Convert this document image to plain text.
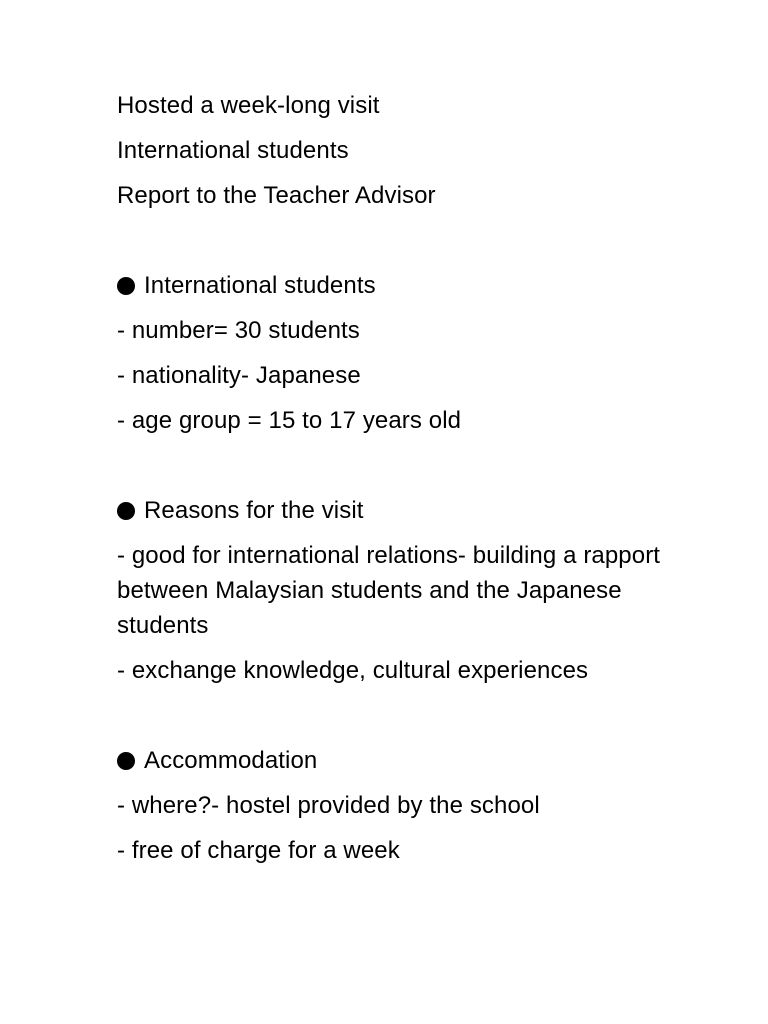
Hosted a week-long visit
International students
Report to the Teacher Advisor
International students
- number= 30 students
- nationality- Japanese
- age group = 15 to 17 years old
Reasons for the visit
- good for international relations- building a rapport between Malaysian students and the Japanese students
- exchange knowledge, cultural experiences
Accommodation
- where?- hostel provided by the school
- free of charge for a week
